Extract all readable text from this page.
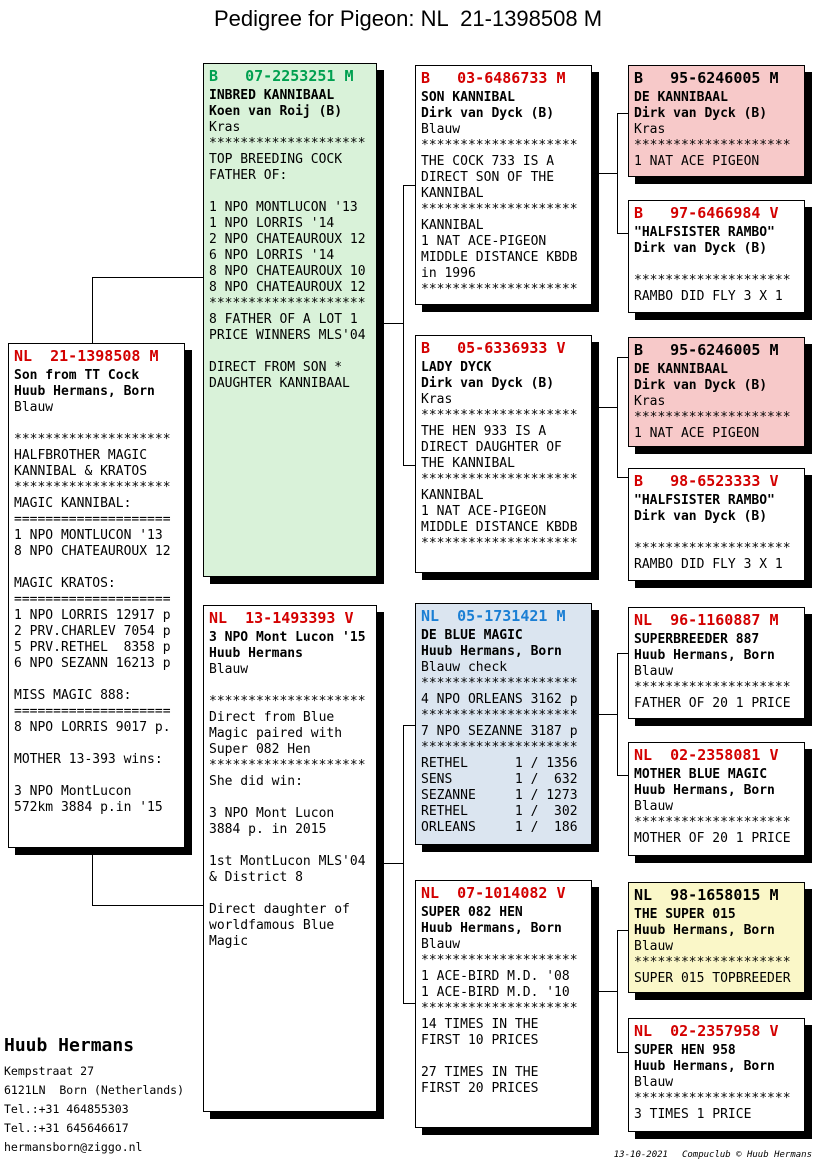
Pedigree for Pigeon: NL  21-1398508 M
NL  21-1398508 M
Son from TT Cock
Huub Hermans, Born
Blauw

********************
HALFBROTHER MAGIC
KANNIBAL & KRATOS
********************
MAGIC KANNIBAL:
====================
1 NPO MONTLUCON '13
8 NPO CHATEAUROUX 12

MAGIC KRATOS:
====================
1 NPO LORRIS 12917 p
2 PRV.CHARLEV 7054 p
5 PRV.RETHEL  8358 p
6 NPO SEZANN 16213 p

MISS MAGIC 888:
====================
8 NPO LORRIS 9017 p.

MOTHER 13-393 wins:

3 NPO MontLucon
572km 3884 p.in '15
B   07-2253251 M
INBRED KANNIBAAL
Koen van Roij (B)
Kras
********************
TOP BREEDING COCK
FATHER OF:

1 NPO MONTLUCON '13
1 NPO LORRIS '14
2 NPO CHATEAUROUX 12
6 NPO LORRIS '14
8 NPO CHATEAUROUX 10
8 NPO CHATEAUROUX 12
********************
8 FATHER OF A LOT 1
PRICE WINNERS MLS'04

DIRECT FROM SON *
DAUGHTER KANNIBAAL
NL  13-1493393 V
3 NPO Mont Lucon '15
Huub Hermans
Blauw

********************
Direct from Blue
Magic paired with
Super 082 Hen
********************
She did win:

3 NPO Mont Lucon
3884 p. in 2015

1st MontLucon MLS'04
& District 8

Direct daughter of
worldfamous Blue
Magic
B   03-6486733 M
SON KANNIBAL
Dirk van Dyck (B)
Blauw
********************
THE COCK 733 IS A
DIRECT SON OF THE
KANNIBAL
********************
KANNIBAL
1 NAT ACE-PIGEON
MIDDLE DISTANCE KBDB
in 1996
********************
B   05-6336933 V
LADY DYCK
Dirk van Dyck (B)
Kras
********************
THE HEN 933 IS A
DIRECT DAUGHTER OF
THE KANNIBAL
********************
KANNIBAL
1 NAT ACE-PIGEON
MIDDLE DISTANCE KBDB
********************
NL  05-1731421 M
DE BLUE MAGIC
Huub Hermans, Born
Blauw check
********************
4 NPO ORLEANS 3162 p
********************
7 NPO SEZANNE 3187 p
********************
RETHEL      1 / 1356
SENS        1 /  632
SEZANNE     1 / 1273
RETHEL      1 /  302
ORLEANS     1 /  186
NL  07-1014082 V
SUPER 082 HEN
Huub Hermans, Born
Blauw
********************
1 ACE-BIRD M.D. '08
1 ACE-BIRD M.D. '10
********************
14 TIMES IN THE
FIRST 10 PRICES

27 TIMES IN THE
FIRST 20 PRICES
B   95-6246005 M
DE KANNIBAAL
Dirk van Dyck (B)
Kras
********************
1 NAT ACE PIGEON
B   97-6466984 V
"HALFSISTER RAMBO"
Dirk van Dyck (B)

********************
RAMBO DID FLY 3 X 1
B   95-6246005 M
DE KANNIBAAL
Dirk van Dyck (B)
Kras
********************
1 NAT ACE PIGEON
B   98-6523333 V
"HALFSISTER RAMBO"
Dirk van Dyck (B)

********************
RAMBO DID FLY 3 X 1
NL  96-1160887 M
SUPERBREEDER 887
Huub Hermans, Born
Blauw
********************
FATHER OF 20 1 PRICE
NL  02-2358081 V
MOTHER BLUE MAGIC
Huub Hermans, Born
Blauw
********************
MOTHER OF 20 1 PRICE
NL  98-1658015 M
THE SUPER 015
Huub Hermans, Born
Blauw
********************
SUPER 015 TOPBREEDER
NL  02-2357958 V
SUPER HEN 958
Huub Hermans, Born
Blauw
********************
3 TIMES 1 PRICE
Huub Hermans
Kempstraat 27
6121LN  Born (Netherlands)
Tel.:+31 464855303
Tel.:+31 645646617
hermansborn@ziggo.nl

13-10-2021 Compuclub © Huub Hermans
